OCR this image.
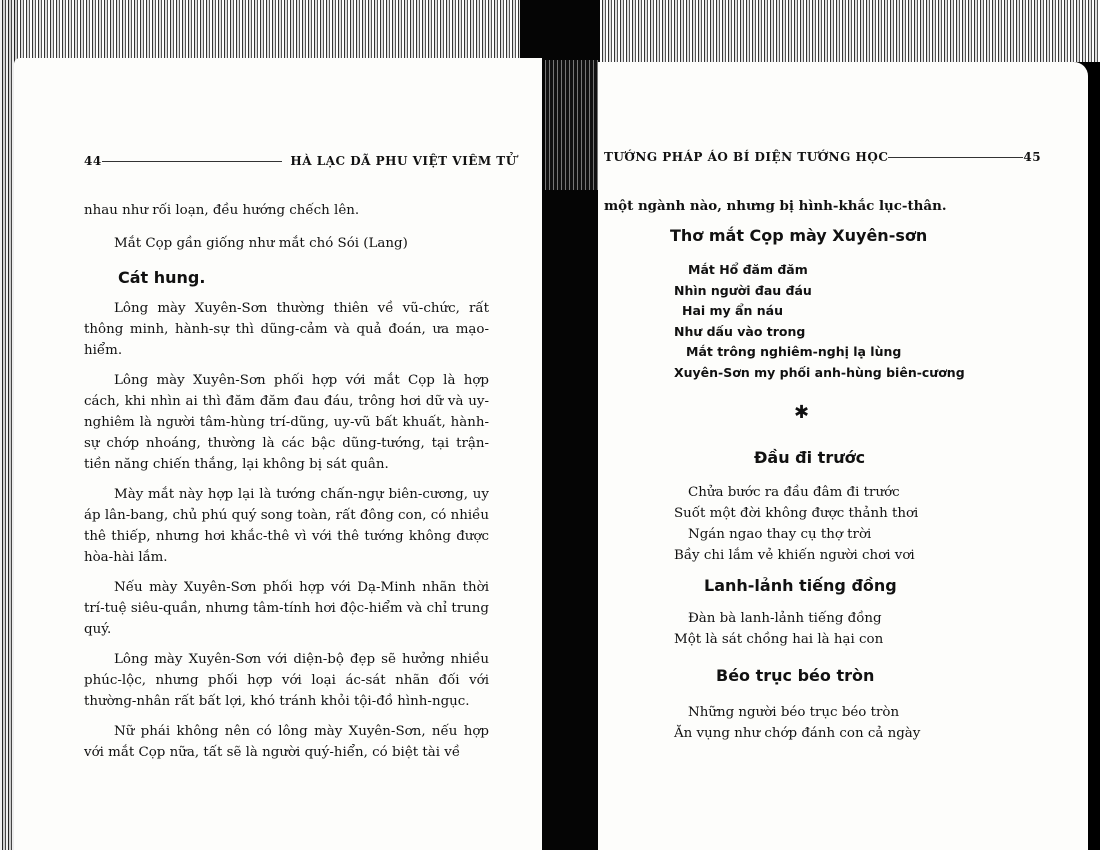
44	HÀ LẠC DÃ PHU VIỆT VIÊM TỬ

nhau như rối loạn, đều hướng chếch lên.

Mắt Cọp gần giống như mắt chó Sói (Lang)

Cát hung.

Lông mày Xuyên-Sơn thường thiên về vũ-chức, rất thông minh, hành-sự thì dũng-cảm và quả đoán, ưa mạo-hiểm.

Lông mày Xuyên-Sơn phối hợp với mắt Cọp là hợp cách, khi nhìn ai thì đăm đăm đau đáu, trông hơi dữ và uy-nghiêm là người tâm-hùng trí-dũng, uy-vũ bất khuất, hành-sự chớp nhoáng, thường là các bậc dũng-tướng, tại trận-tiền năng chiến thắng, lại không bị sát quân.

Mày mắt này hợp lại là tướng chấn-ngự biên-cương, uy áp lân-bang, chủ phú quý song toàn, rất đông con, có nhiều thê thiếp, nhưng hơi khắc-thê vì với thê tướng không được hòa-hài lắm.

Nếu mày Xuyên-Sơn phối hợp với Dạ-Minh nhãn thời trí-tuệ siêu-quần, nhưng tâm-tính hơi độc-hiểm và chỉ trung quý.

Lông mày Xuyên-Sơn với diện-bộ đẹp sẽ hưởng nhiều phúc-lộc, nhưng phối hợp với loại ác-sát nhãn đối với thường-nhân rất bất lợi, khó tránh khỏi tội-đồ hình-ngục.

Nữ phái không nên có lông mày Xuyên-Sơn, nếu hợp với mắt Cọp nữa, tất sẽ là người quý-hiển, có biệt tài về

TƯỚNG PHÁP ÁO BÍ DIỆN TƯỚNG HỌC	45
một ngành nào, nhưng bị hình-khắc lục-thân.
Thơ mắt Cọp mày Xuyên-sơn
Mắt Hổ đăm đăm
Nhìn người đau đáu
Hai my ẩn náu
Như dấu vào trong
Mắt trông nghiêm-nghị lạ lùng
Xuyên-Sơn my phối anh-hùng biên-cương
✱
Đầu đi trước
Chửa bước ra đầu đâm đi trước
Suốt một đời không được thảnh thơi
Ngán ngao thay cụ thợ trời
Bầy chi lắm vẻ khiến người chơi vơi
Lanh-lảnh tiếng đồng
Đàn bà lanh-lảnh tiếng đồng
Một là sát chồng hai là hại con
Béo trục béo tròn
Những người béo trục béo tròn
Ăn vụng như chớp đánh con cả ngày
